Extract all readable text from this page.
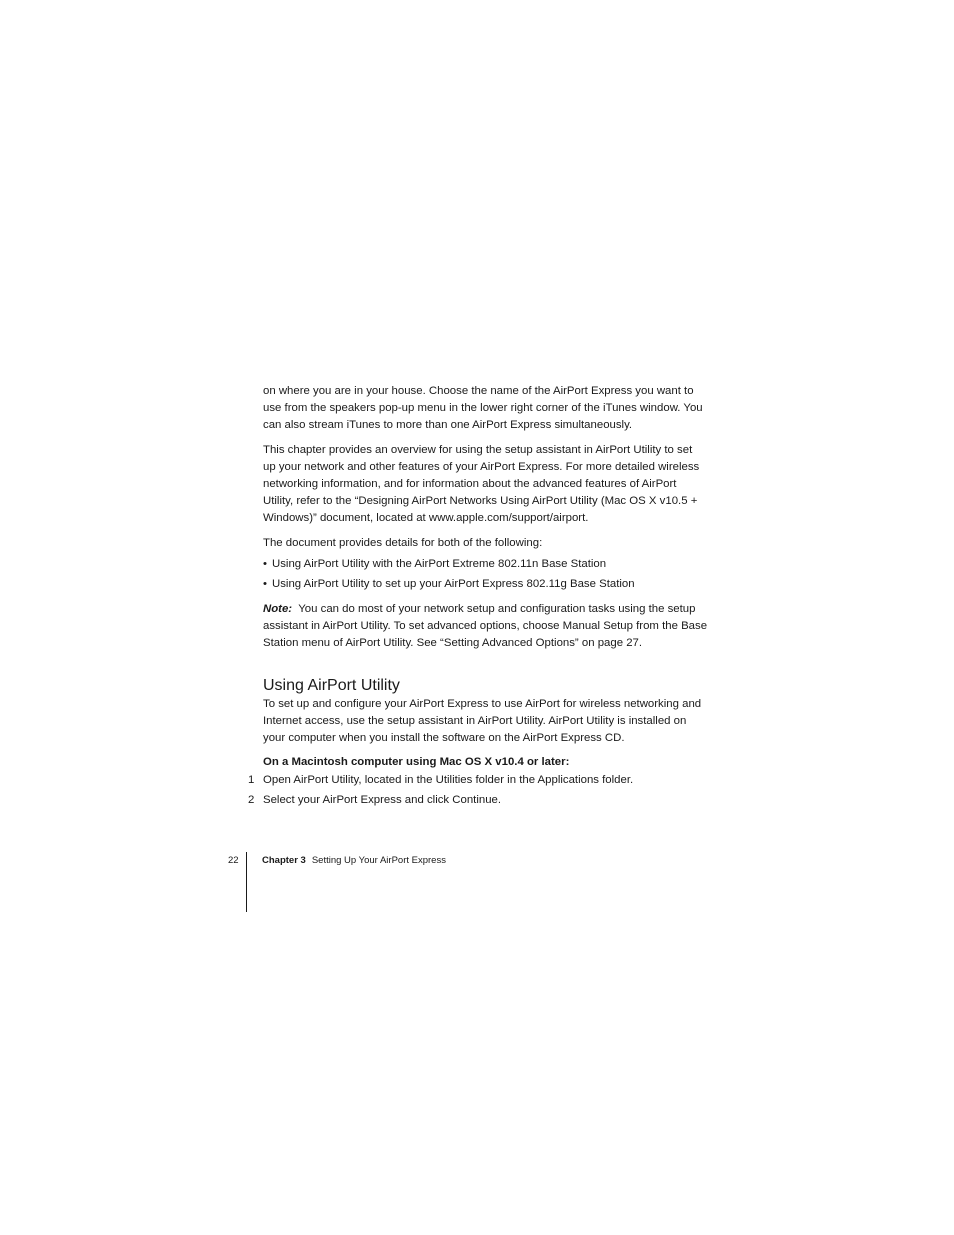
on where you are in your house. Choose the name of the AirPort Express you want to use from the speakers pop-up menu in the lower right corner of the iTunes window. You can also stream iTunes to more than one AirPort Express simultaneously.

This chapter provides an overview for using the setup assistant in AirPort Utility to set up your network and other features of your AirPort Express. For more detailed wireless networking information, and for information about the advanced features of AirPort Utility, refer to the “Designing AirPort Networks Using AirPort Utility (Mac OS X v10.5 + Windows)” document, located at www.apple.com/support/airport.

The document provides details for both of the following:

• Using AirPort Utility with the AirPort Extreme 802.11n Base Station
• Using AirPort Utility to set up your AirPort Express 802.11g Base Station

Note: You can do most of your network setup and configuration tasks using the setup assistant in AirPort Utility. To set advanced options, choose Manual Setup from the Base Station menu of AirPort Utility. See “Setting Advanced Options” on page 27.

Using AirPort Utility

To set up and configure your AirPort Express to use AirPort for wireless networking and Internet access, use the setup assistant in AirPort Utility. AirPort Utility is installed on your computer when you install the software on the AirPort Express CD.

On a Macintosh computer using Mac OS X v10.4 or later:
1 Open AirPort Utility, located in the Utilities folder in the Applications folder.
2 Select your AirPort Express and click Continue.
22 Chapter 3 Setting Up Your AirPort Express
